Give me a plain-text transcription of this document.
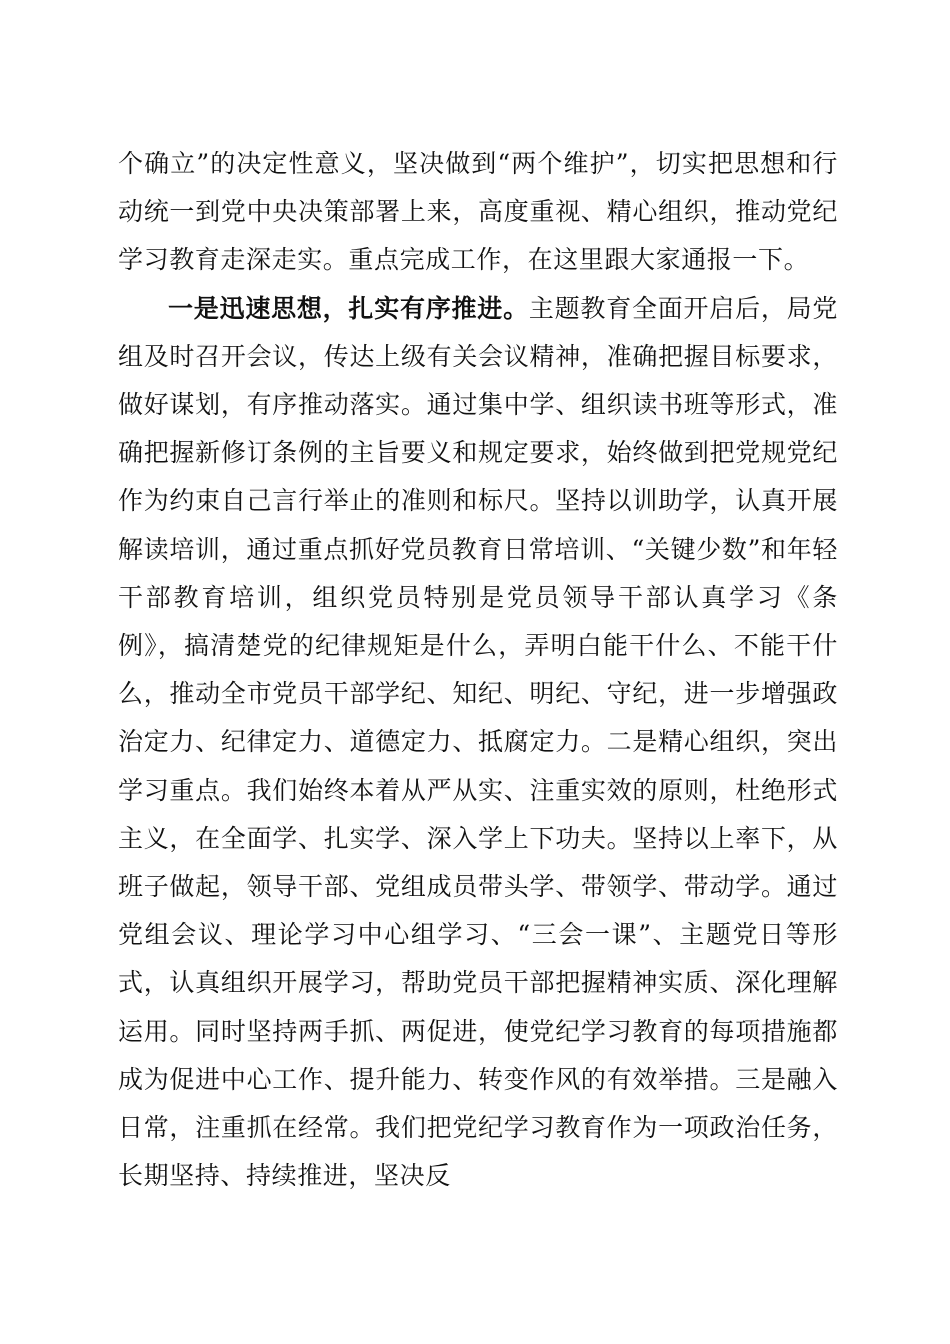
个确立”的决定性意义，坚决做到“两个维护”，切实把思想和行动统一到党中央决策部署上来，高度重视、精心组织，推动党纪学习教育走深走实。重点完成工作，在这里跟大家通报一下。

一是迅速思想，扎实有序推进。主题教育全面开启后，局党组及时召开会议，传达上级有关会议精神，准确把握目标要求，做好谋划，有序推动落实。通过集中学、组织读书班等形式，准确把握新修订条例的主旨要义和规定要求，始终做到把党规党纪作为约束自己言行举止的准则和标尺。坚持以训助学，认真开展解读培训，通过重点抓好党员教育日常培训、“关键少数”和年轻干部教育培训，组织党员特别是党员领导干部认真学习《条例》，搞清楚党的纪律规矩是什么，弄明白能干什么、不能干什么，推动全市党员干部学纪、知纪、明纪、守纪，进一步增强政治定力、纪律定力、道德定力、抵腐定力。二是精心组织，突出学习重点。我们始终本着从严从实、注重实效的原则，杜绝形式主义，在全面学、扎实学、深入学上下功夫。坚持以上率下，从班子做起，领导干部、党组成员带头学、带领学、带动学。通过党组会议、理论学习中心组学习、“三会一课”、主题党日等形式，认真组织开展学习，帮助党员干部把握精神实质、深化理解运用。同时坚持两手抓、两促进，使党纪学习教育的每项措施都成为促进中心工作、提升能力、转变作风的有效举措。三是融入日常，注重抓在经常。我们把党纪学习教育作为一项政治任务，长期坚持、持续推进，坚决反
